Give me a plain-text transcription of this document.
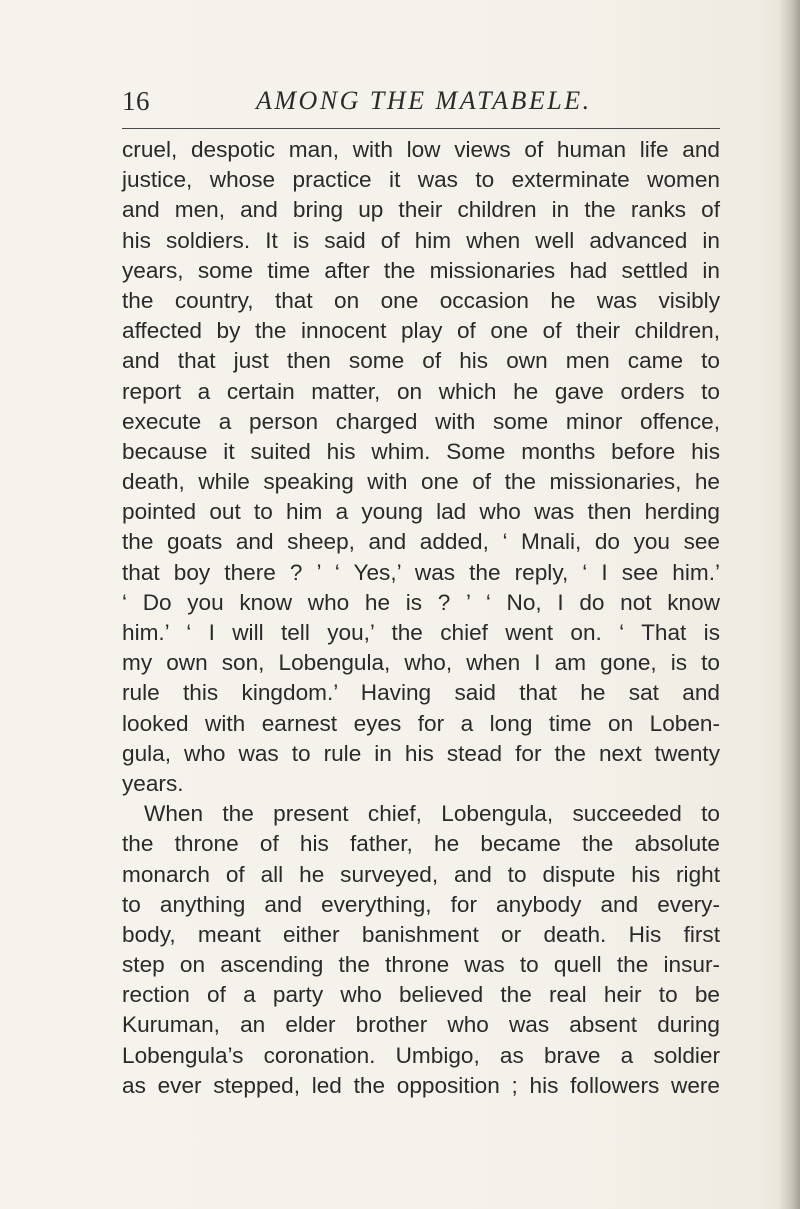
16	AMONG THE MATABELE.
cruel, despotic man, with low views of human life and
justice, whose practice it was to exterminate women
and men, and bring up their children in the ranks of
his soldiers. It is said of him when well advanced in
years, some time after the missionaries had settled in
the country, that on one occasion he was visibly
affected by the innocent play of one of their children,
and that just then some of his own men came to
report a certain matter, on which he gave orders to
execute a person charged with some minor offence,
because it suited his whim. Some months before his
death, while speaking with one of the missionaries, he
pointed out to him a young lad who was then herding
the goats and sheep, and added, ‘ Mnali, do you see
that boy there ? ’ ‘ Yes,’ was the reply, ‘ I see him.’
‘ Do you know who he is ? ’ ‘ No, I do not know
him.’ ‘ I will tell you,’ the chief went on. ‘ That is
my own son, Lobengula, who, when I am gone, is to
rule this kingdom.’ Having said that he sat and
looked with earnest eyes for a long time on Loben-
gula, who was to rule in his stead for the next twenty
years.
When the present chief, Lobengula, succeeded to
the throne of his father, he became the absolute
monarch of all he surveyed, and to dispute his right
to anything and everything, for anybody and every-
body, meant either banishment or death. His first
step on ascending the throne was to quell the insur-
rection of a party who believed the real heir to be
Kuruman, an elder brother who was absent during
Lobengula’s coronation. Umbigo, as brave a soldier
as ever stepped, led the opposition ; his followers were
